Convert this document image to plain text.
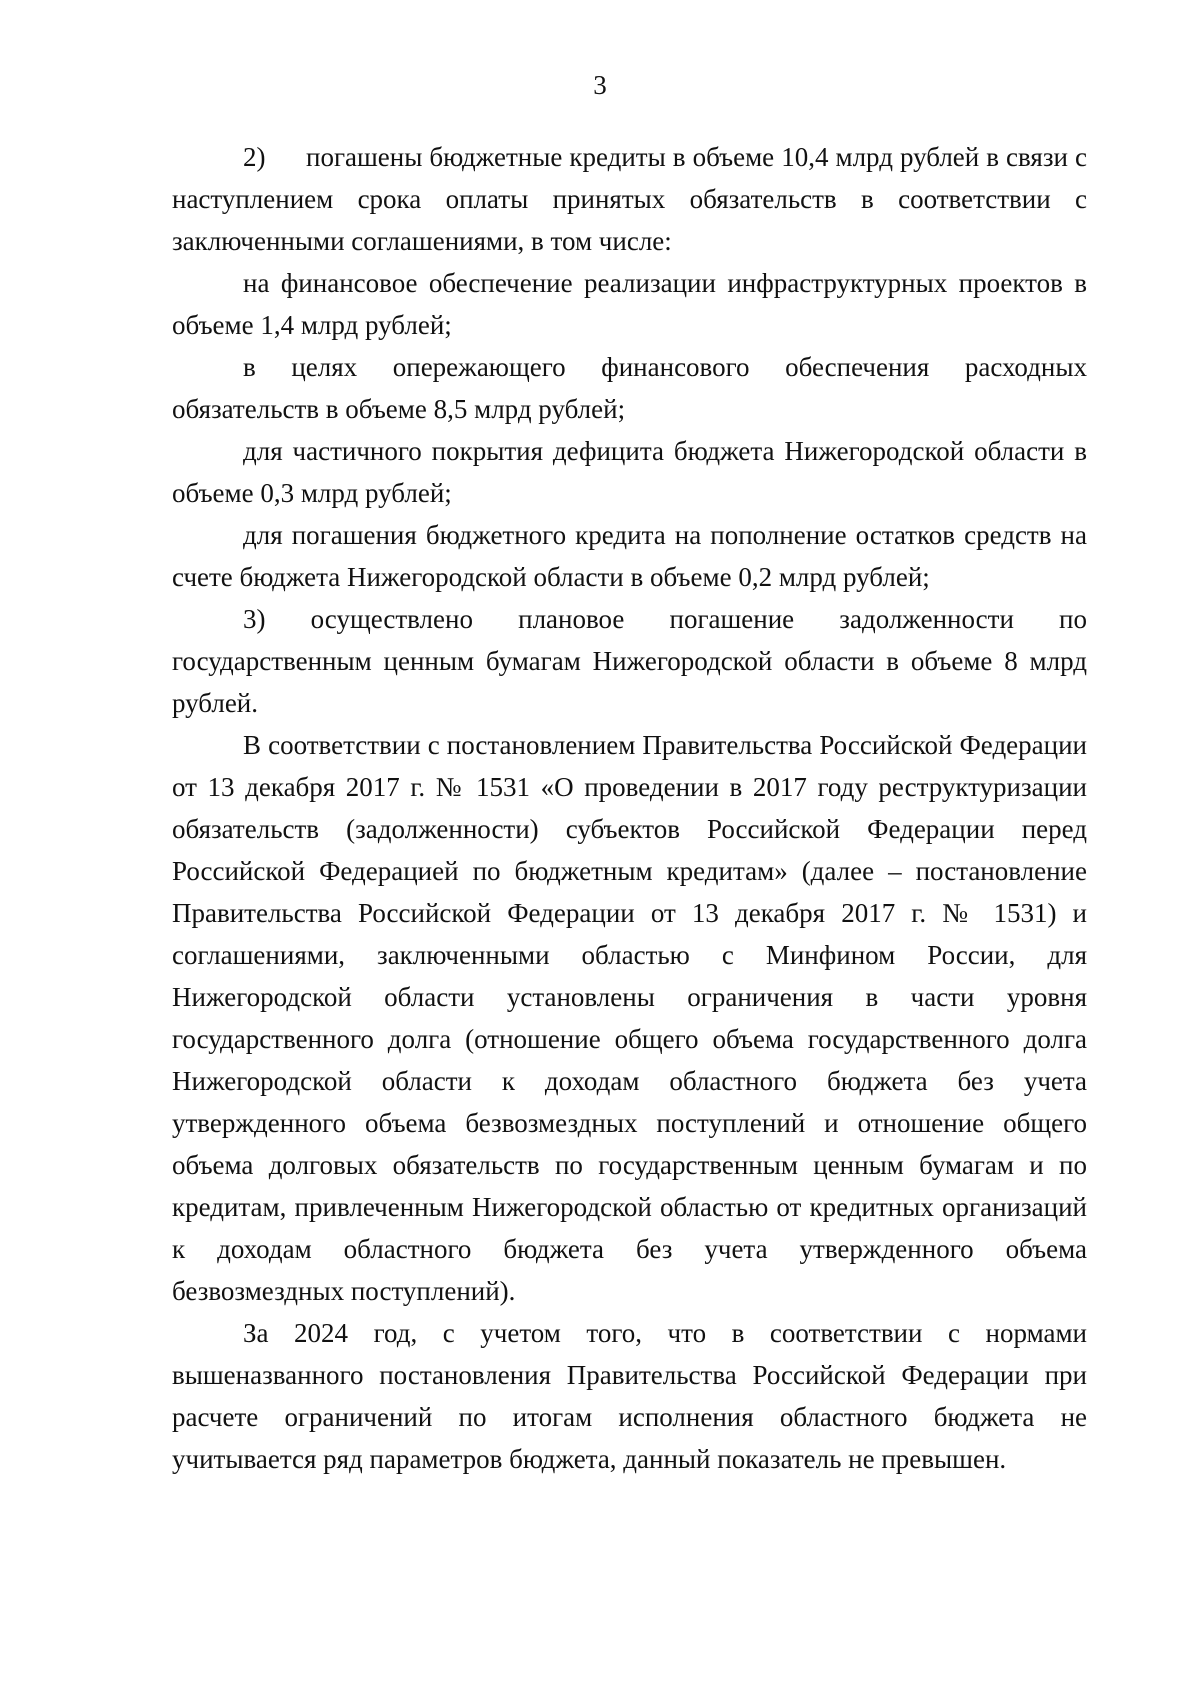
3

2)  погашены бюджетные кредиты в объеме 10,4 млрд рублей в связи с наступлением срока оплаты принятых обязательств в соответствии с заключенными соглашениями, в том числе:

на финансовое обеспечение реализации инфраструктурных проектов в объеме 1,4 млрд рублей;

в целях опережающего финансового обеспечения расходных обязательств в объеме 8,5 млрд рублей;

для частичного покрытия дефицита бюджета Нижегородской области в объеме 0,3 млрд рублей;

для погашения бюджетного кредита на пополнение остатков средств на счете бюджета Нижегородской области в объеме 0,2 млрд рублей;

3) осуществлено плановое погашение задолженности по государственным ценным бумагам Нижегородской области в объеме 8 млрд рублей.

В соответствии с постановлением Правительства Российской Федерации от 13 декабря 2017 г. № 1531 «О проведении в 2017 году реструктуризации обязательств (задолженности) субъектов Российской Федерации перед Российской Федерацией по бюджетным кредитам» (далее – постановление Правительства Российской Федерации от 13 декабря 2017 г. № 1531) и соглашениями, заключенными областью с Минфином России, для Нижегородской области установлены ограничения в части уровня государственного долга (отношение общего объема государственного долга Нижегородской области к доходам областного бюджета без учета утвержденного объема безвозмездных поступлений и отношение общего объема долговых обязательств по государственным ценным бумагам и по кредитам, привлеченным Нижегородской областью от кредитных организаций к доходам областного бюджета без учета утвержденного объема безвозмездных поступлений).

За 2024 год, с учетом того, что в соответствии с нормами вышеназванного постановления Правительства Российской Федерации при расчете ограничений по итогам исполнения областного бюджета не учитывается ряд параметров бюджета, данный показатель не превышен.
